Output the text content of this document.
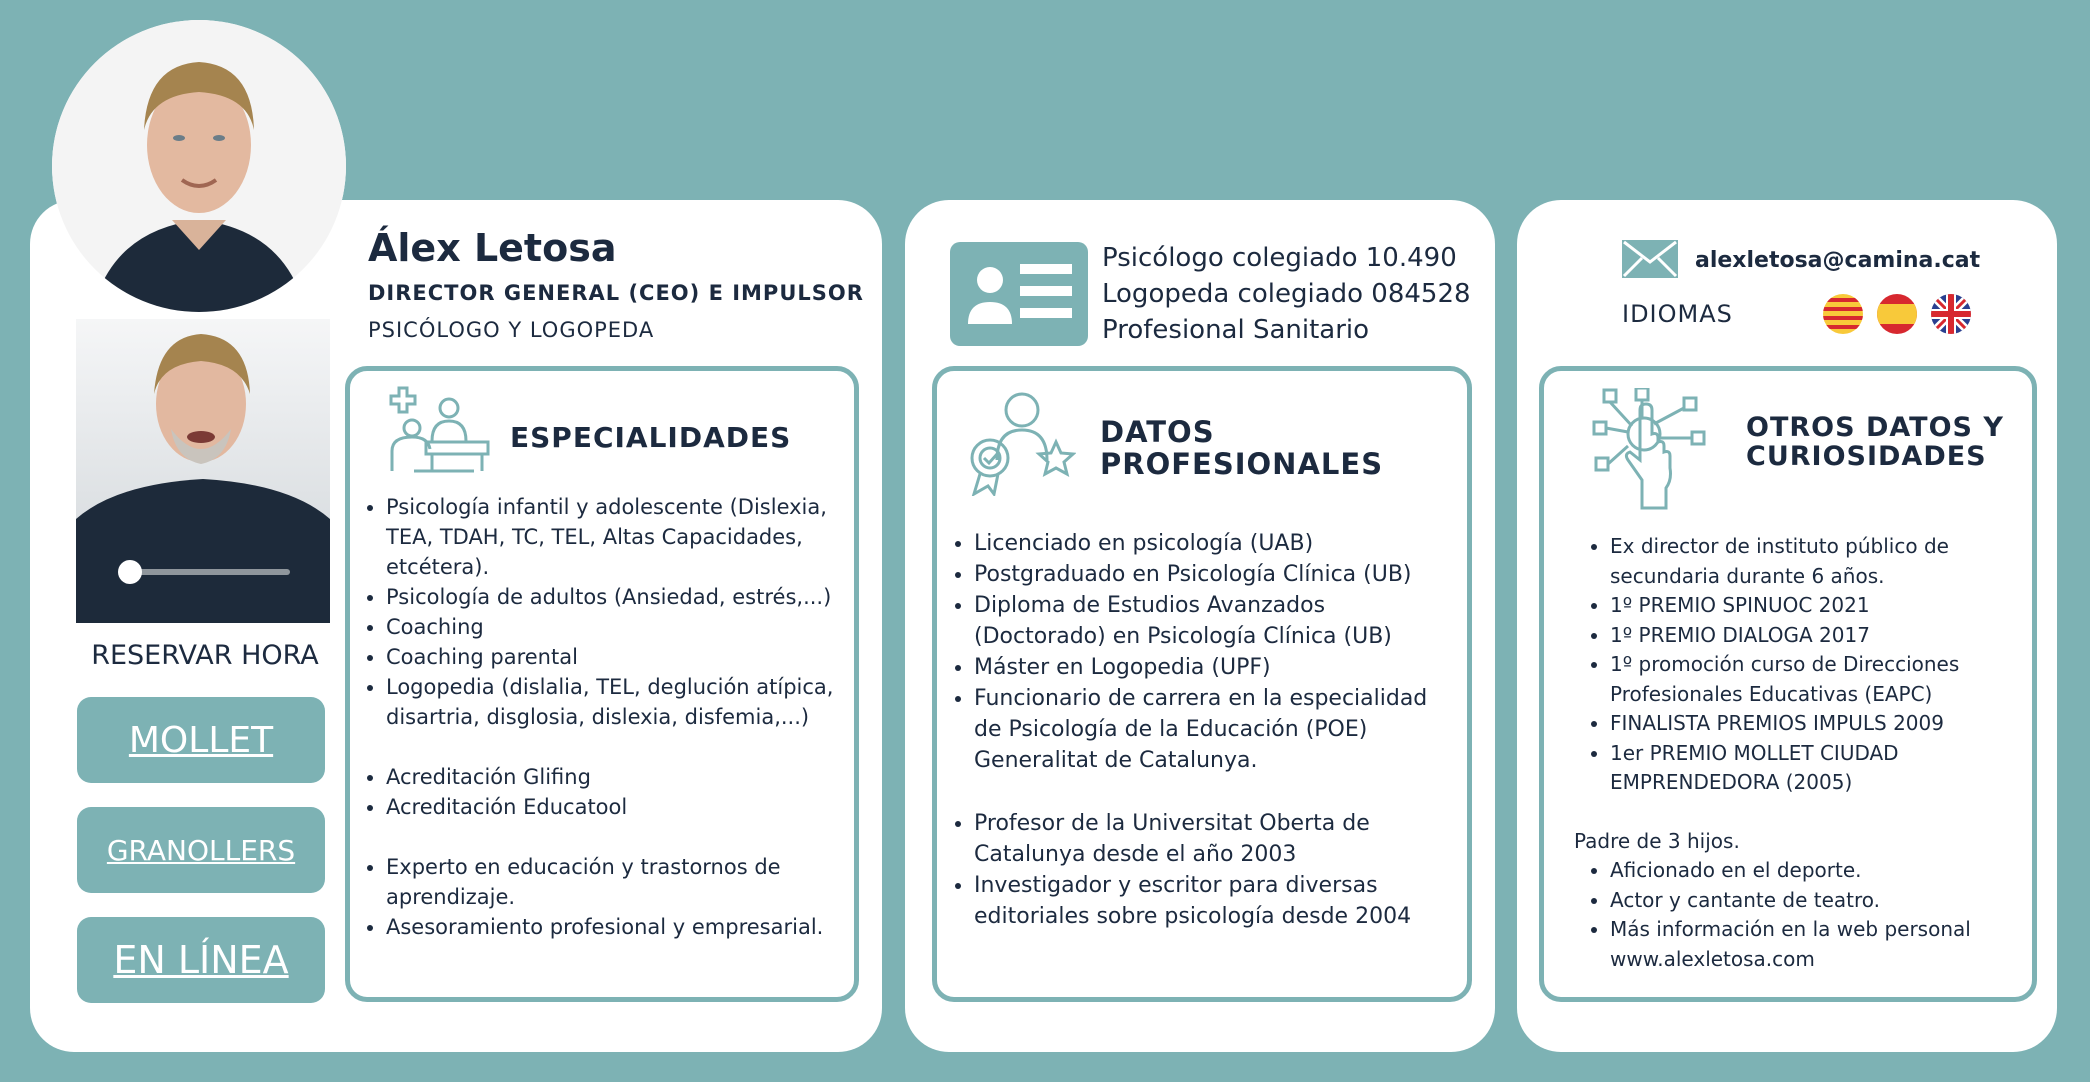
RESERVAR HORA
MOLLET
GRANOLLERS
EN LÍNEA
Álex Letosa
DIRECTOR GENERAL (CEO) E IMPULSOR
PSICÓLOGO Y LOGOPEDA
ESPECIALIDADES
• Psicología infantil y adolescente (Dislexia, TEA, TDAH, TC, TEL, Altas Capacidades, etcétera).
• Psicología de adultos (Ansiedad, estrés,...)
• Coaching
• Coaching parental
• Logopedia (dislalia, TEL, deglución atípica, disartria, disglosia, dislexia, disfemia,...)
• Acreditación Glifing
• Acreditación Educatool
• Experto en educación y trastornos de aprendizaje.
• Asesoramiento profesional y empresarial.
Psicólogo colegiado 10.490
Logopeda colegiado 084528
Profesional Sanitario
DATOS
PROFESIONALES
• Licenciado en psicología (UAB)
• Postgraduado en Psicología Clínica (UB)
• Diploma de Estudios Avanzados (Doctorado) en Psicología Clínica (UB)
• Máster en Logopedia (UPF)
• Funcionario de carrera en la especialidad de Psicología de la Educación (POE) Generalitat de Catalunya.
• Profesor de la Universitat Oberta de Catalunya desde el año 2003
• Investigador y escritor para diversas editoriales sobre psicología desde 2004
alexletosa@camina.cat
IDIOMAS
OTROS DATOS Y
CURIOSIDADES
• Ex director de instituto público de secundaria durante 6 años.
• 1º PREMIO SPINUOC 2021
• 1º PREMIO DIALOGA 2017
• 1º promoción curso de Direcciones Profesionales Educativas (EAPC)
• FINALISTA PREMIOS IMPULS 2009
• 1er PREMIO MOLLET CIUDAD EMPRENDEDORA (2005)
Padre de 3 hijos.
• Aficionado en el deporte.
• Actor y cantante de teatro.
• Más información en la web personal www.alexletosa.com
